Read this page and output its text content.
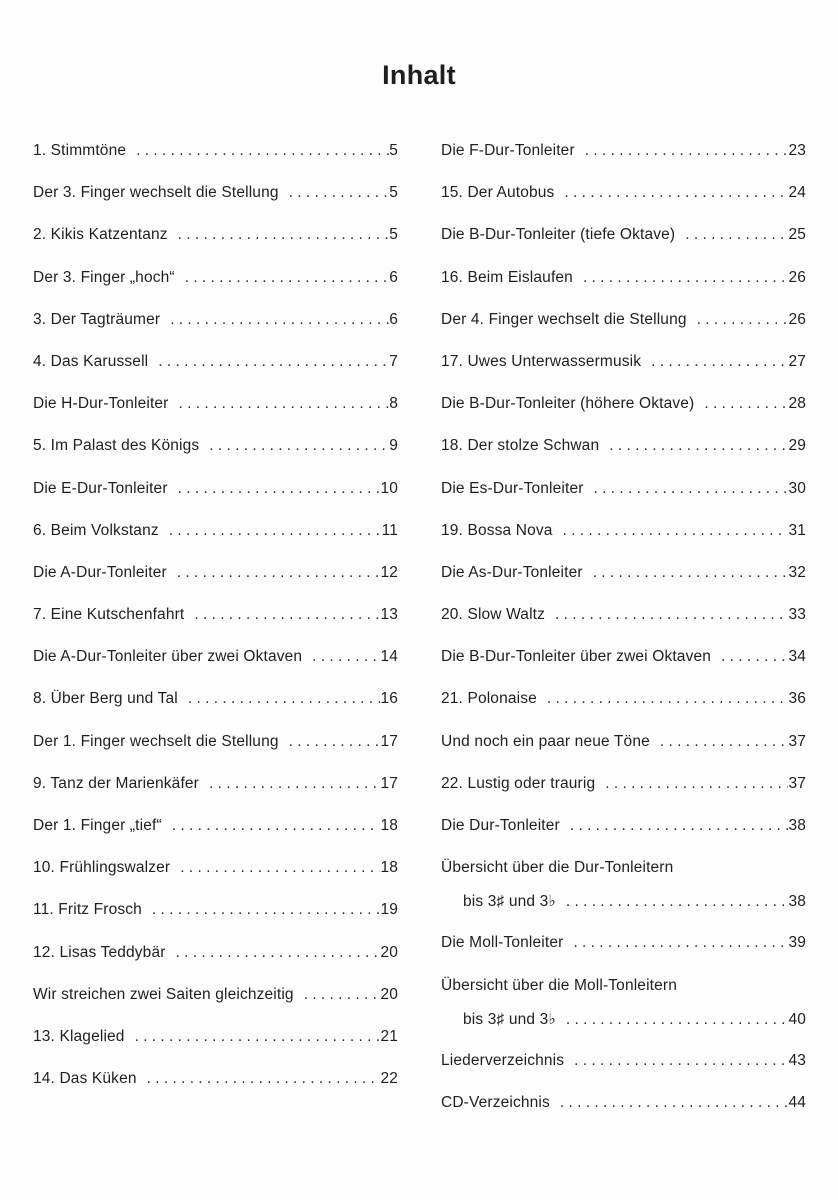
Inhalt
1. Stimmtöne . . .	5
Der 3. Finger wechselt die Stellung . . .	5
2. Kikis Katzentanz . . .	5
Der 3. Finger „hoch“ . . .	6
3. Der Tagträumer . . .	6
4. Das Karussell . . .	7
Die H-Dur-Tonleiter . . .	8
5. Im Palast des Königs . . .	9
Die E-Dur-Tonleiter . . .	10
6. Beim Volkstanz . . .	11
Die A-Dur-Tonleiter . . .	12
7. Eine Kutschenfahrt . . .	13
Die A-Dur-Tonleiter über zwei Oktaven . . .	14
8. Über Berg und Tal . . .	16
Der 1. Finger wechselt die Stellung . . .	17
9. Tanz der Marienkäfer . . .	17
Der 1. Finger „tief“ . . .	18
10. Frühlingswalzer . . .	18
11. Fritz Frosch . . .	19
12. Lisas Teddybär . . .	20
Wir streichen zwei Saiten gleichzeitig . . .	20
13. Klagelied . . .	21
14. Das Küken . . .	22
Die F-Dur-Tonleiter . . .	23
15. Der Autobus . . .	24
Die B-Dur-Tonleiter (tiefe Oktave) . . .	25
16. Beim Eislaufen . . .	26
Der 4. Finger wechselt die Stellung . . .	26
17. Uwes Unterwassermusik . . .	27
Die B-Dur-Tonleiter (höhere Oktave) . . .	28
18. Der stolze Schwan . . .	29
Die Es-Dur-Tonleiter . . .	30
19. Bossa Nova . . .	31
Die As-Dur-Tonleiter . . .	32
20. Slow Waltz . . .	33
Die B-Dur-Tonleiter über zwei Oktaven . . .	34
21. Polonaise . . .	36
Und noch ein paar neue Töne . . .	37
22. Lustig oder traurig . . .	37
Die Dur-Tonleiter . . .	38
Übersicht über die Dur-Tonleitern
bis 3♯ und 3♭ . . .	38
Die Moll-Tonleiter . . .	39
Übersicht über die Moll-Tonleitern
bis 3♯ und 3♭ . . .	40
Liederverzeichnis . . .	43
CD-Verzeichnis . . .	44
